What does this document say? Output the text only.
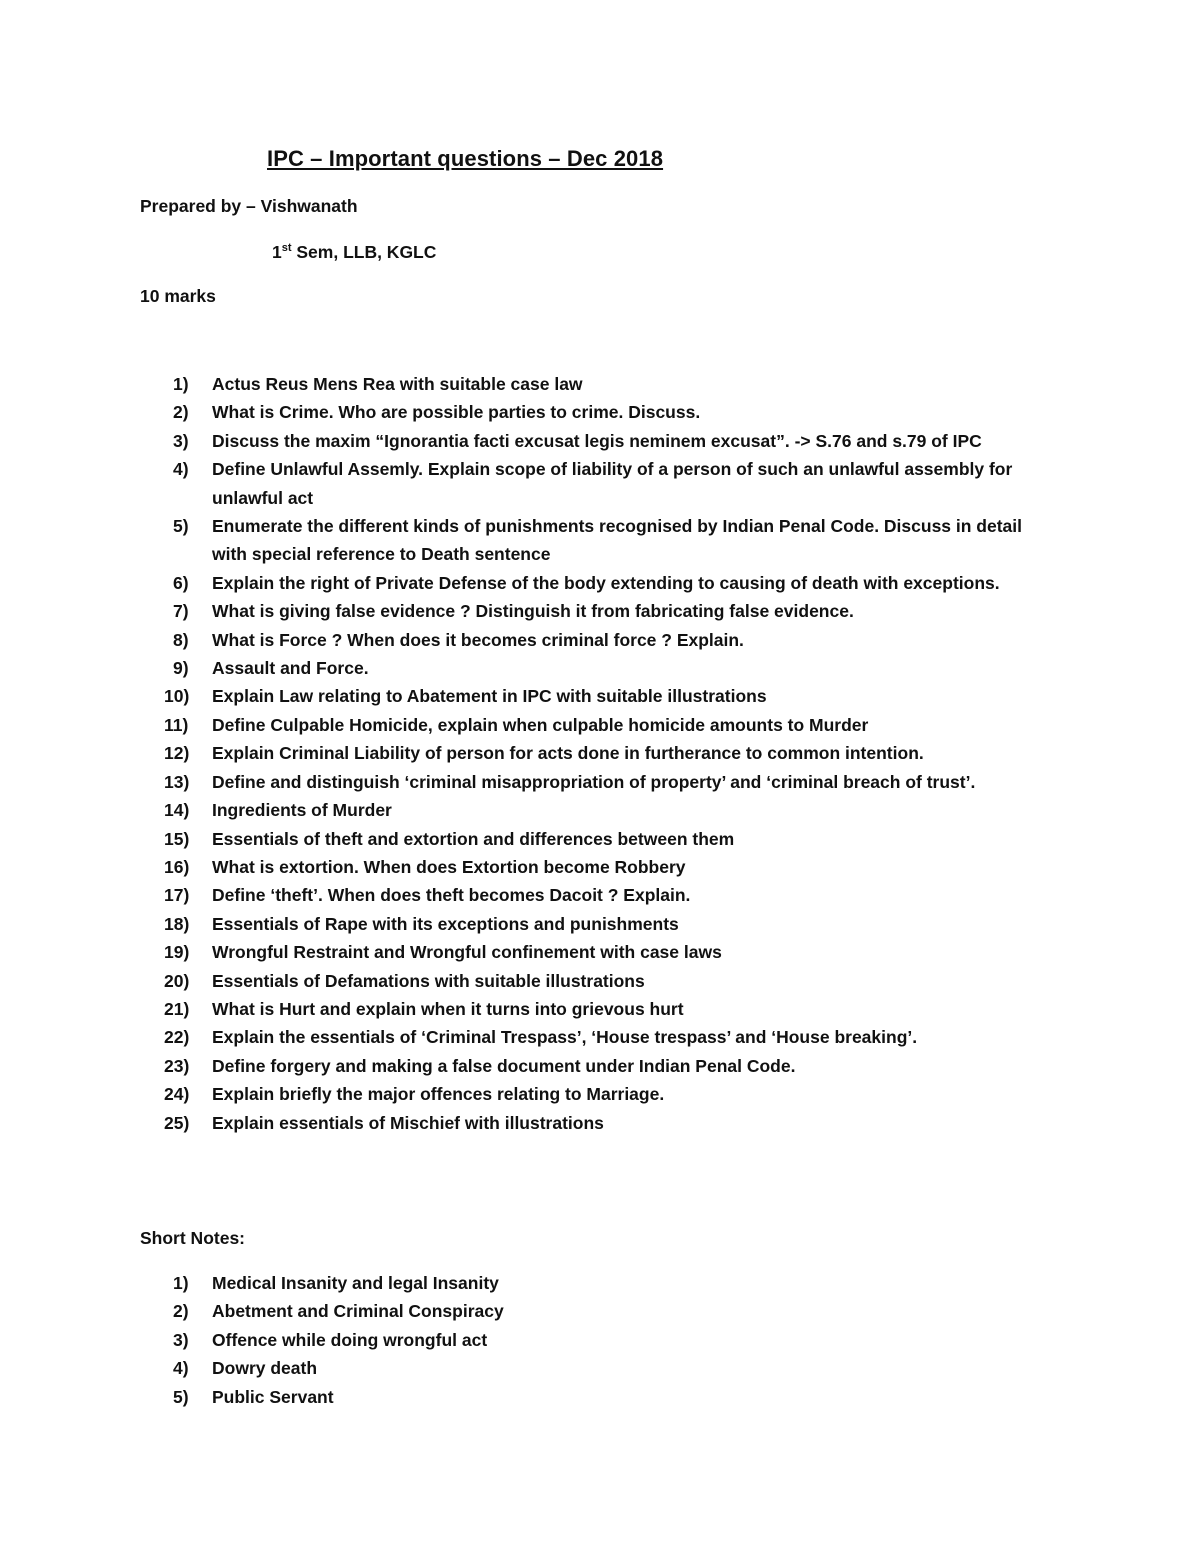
IPC – Important questions – Dec 2018
Prepared by – Vishwanath
1st Sem, LLB, KGLC
10 marks
1) Actus Reus Mens Rea with suitable case law
2) What is Crime. Who are possible parties to crime. Discuss.
3) Discuss the maxim “Ignorantia facti excusat legis neminem excusat”. -> S.76 and s.79 of IPC
4) Define Unlawful Assemly. Explain scope of liability of a person of such an unlawful assembly for unlawful act
5) Enumerate the different kinds of punishments recognised by Indian Penal Code. Discuss in detail with special reference to Death sentence
6) Explain the right of Private Defense of the body extending to causing of death with exceptions.
7) What is giving false evidence ? Distinguish it from fabricating false evidence.
8) What is Force ? When does it becomes criminal force ? Explain.
9) Assault and Force.
10) Explain Law relating to Abatement in IPC with suitable illustrations
11) Define Culpable Homicide, explain when culpable homicide amounts to Murder
12) Explain Criminal Liability of person for acts done in furtherance to common intention.
13) Define and distinguish ‘criminal misappropriation of property’ and ‘criminal breach of trust’.
14) Ingredients of Murder
15) Essentials of theft and extortion and differences between them
16) What is extortion. When does Extortion become Robbery
17) Define ‘theft’. When does theft becomes Dacoit ? Explain.
18) Essentials of Rape with its exceptions and punishments
19) Wrongful Restraint and Wrongful confinement with case laws
20) Essentials of Defamations with suitable illustrations
21) What is Hurt and explain when it turns into grievous hurt
22) Explain the essentials of ‘Criminal Trespass’, ‘House trespass’ and ‘House breaking’.
23) Define forgery and making a false document under Indian Penal Code.
24) Explain briefly the major offences relating to Marriage.
25) Explain essentials of Mischief with illustrations
Short Notes:
1) Medical Insanity and legal Insanity
2) Abetment and Criminal Conspiracy
3) Offence while doing wrongful act
4) Dowry death
5) Public Servant
